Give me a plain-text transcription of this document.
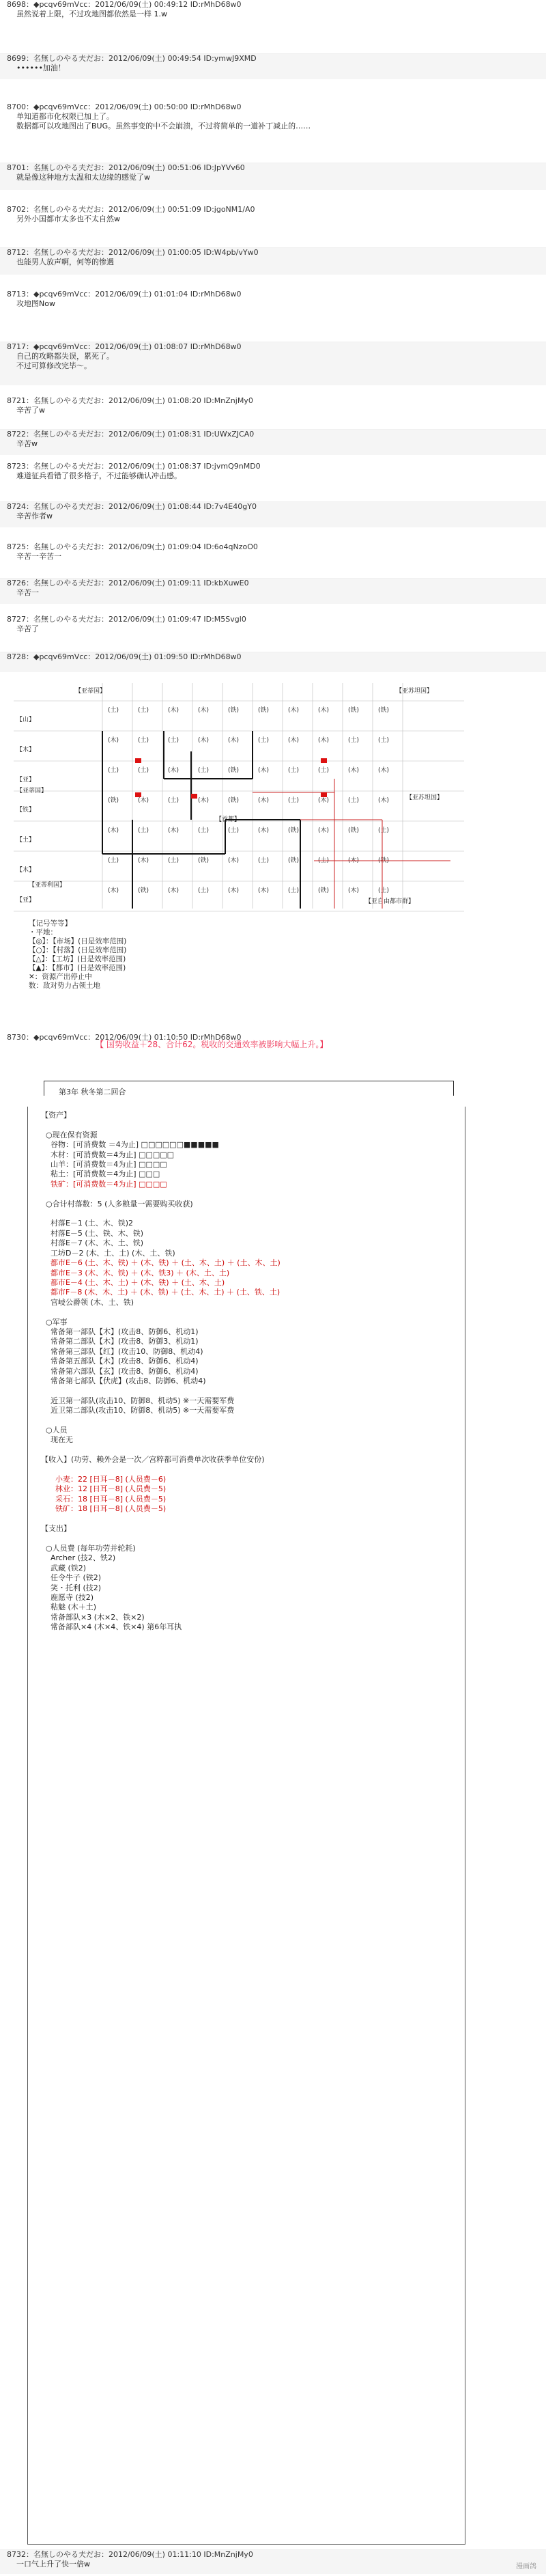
8698：◆pcqv69mVcc：2012/06/09(土) 00:49:12 ID:rMhD68w0
虽然说着上限，不过攻地图都依然是一样 1.w
8699：名無しのやる夫だお：2012/06/09(土) 00:49:54 ID:ymwJ9XMD
••••••加油！
8700：◆pcqv69mVcc：2012/06/09(土) 00:50:00 ID:rMhD68w0
单知道都市化权限已加上了。
数据都可以攻地图出了BUG。虽然事变的中不会崩溃，不过将简单的一道补丁减止的……
8701：名無しのやる夫だお：2012/06/09(土) 00:51:06 ID:JpYVv60
就是像这种地方太温和太边缘的感觉了w
8702：名無しのやる夫だお：2012/06/09(土) 00:51:09 ID:jgoNM1/A0
另外小国都市太多也不太自然w
8712：名無しのやる夫だお：2012/06/09(土) 01:00:05 ID:W4pb/vYw0
也能男人放声啊，何等的惨遇
8713：◆pcqv69mVcc：2012/06/09(土) 01:01:04 ID:rMhD68w0
攻地图Now
8717：◆pcqv69mVcc：2012/06/09(土) 01:08:07 ID:rMhD68w0
自己的攻略都失误，累死了。
不过可算修改完毕～。
8721：名無しのやる夫だお：2012/06/09(土) 01:08:20 ID:MnZnjMy0
辛苦了w
8722：名無しのやる夫だお：2012/06/09(土) 01:08:31 ID:UWxZJCA0
辛苦w
8723：名無しのやる夫だお：2012/06/09(土) 01:08:37 ID:jvmQ9nMD0
难道征兵看错了很多格子，不过能够确认冲击感。
8724：名無しのやる夫だお：2012/06/09(土) 01:08:44 ID:7v4E40gY0
辛苦作者w
8725：名無しのやる夫だお：2012/06/09(土) 01:09:04 ID:6o4qNzoO0
辛苦一辛苦一
8726：名無しのやる夫だお：2012/06/09(土) 01:09:11 ID:kbXuwE0
辛苦一
8727：名無しのやる夫だお：2012/06/09(土) 01:09:47 ID:M5Svgl0
辛苦了
8728：◆pcqv69mVcc：2012/06/09(土) 01:09:50 ID:rMhD68w0
8730：◆pcqv69mVcc：2012/06/09(土) 01:10:50 ID:rMhD68w0
8732：名無しのやる夫だお：2012/06/09(土) 01:11:10 ID:MnZnjMy0
一口气上升了快一倍w
(土)	(土)	(木)	(木)	(铁)	(铁)	(木)	(木)	(铁)	(铁)
【山】
(木)	(土)	(土)	(木)	(木)	(土)	(木)	(木)	(土)	(土)
【木】
(土)	(土)	(木)	(土)	(铁)	(木)	(土)	(土)	(木)	(木)
【亚】
(铁)	(木)	(土)	(木)	(铁)	(木)	(土)	(木)	(土)	(木)
【铁】
(木)	(土)	(木)	(土)	(土)	(木)	(铁)	(木)	(铁)	(土)
【土】
(土)	(木)	(土)	(铁)	(木)	(土)	(铁)	(土)	(木)	(铁)
【木】
(木)	(铁)	(木)	(土)	(木)	(木)	(土)	(铁)	(木)	(土)
【亚】
【亚蒂国】
【亚蒂国】
【亚蒂利国】
【亚苏坦国】
【亚苏坦国】
【亚自由都市群】
【首都】
【记号等等】
・平地：
【◎】：【市场】(日是效率范围)
【○】：【村落】(日是效率范围)
【△】：【工坊】(日是效率范围)
【▲】：【都市】(日是效率范围)
✕：资源产出停止中
数：敌对势力占领土地
【 国势收益＋28、合计62。税收的交通效率被影响大幅上升。】
第3年 秋冬第二回合
【资产】

○现在保有资源
谷物：[可消费数 ＝4为止] □□□□□□■■■■■
木材：[可消费数＝4为止] □□□□□
山羊：[可消费数＝4为止] □□□□
粘土：[可消费数＝4为止] □□□
铁矿：[可消费数＝4为止] □□□□

○合计村落数：5 (人多粮量一需要购买收获)

村落E－1 (土、木、铁)2
村落E－5 (土、铁、木、铁)
村落E－7 (木、木、土、铁)
工坊D－2 (木、土、土) (木、土、铁)
都市E－6 (土、木、铁) ＋ (木、铁) ＋ (土、木、土) ＋ (土、木、土)
都市E－3 (木、木、铁) ＋ (木、铁3) ＋ (木、土、土)
都市E－4 (土、木、土) ＋ (木、铁) ＋ (土、木、土)
都市F－8 (木、木、土) ＋ (木、铁) ＋ (土、木、土) ＋ (土、铁、土)
宫岐公爵领 (木、土、铁)

○军事
常备第一部队【木】(攻击8、防御6、机动1)
常备第二部队【木】(攻击8、防御3、机动1)
常备第三部队【红】(攻击10、防御8、机动4)
常备第五部队【木】(攻击8、防御6、机动4)
常备第六部队【玄】(攻击8、防御6、机动4)
常备第七部队【伏虎】(攻击8、防御6、机动4)

近卫第一部队(攻击10、防御8、机动5) ※一天需要军费
近卫第二部队(攻击10、防御8、机动5) ※一天需要军费

○人员
现在无

【收入】(功劳、赖外会是一次／宫粹都可消费单次收获季单位安份)

小麦：22 [日耳－8] (人员费－6)
林业：12 [日耳－8] (人员费－5)
采石：18 [日耳－8] (人员费－5)
铁矿：18 [日耳－8] (人员费－5)

【支出】

○人员费 (每年功劳并轮耗)
Archer (技2、铁2)
武藏 (铁2)
任令牛子 (铁2)
笑・托利 (技2)
鹿愿寺 (技2)
粘魅 (木＋土)
常备部队×3 (木×2、铁×2)
常备部队×4 (木×4、铁×4) 第6年耳执
漫画鸽
